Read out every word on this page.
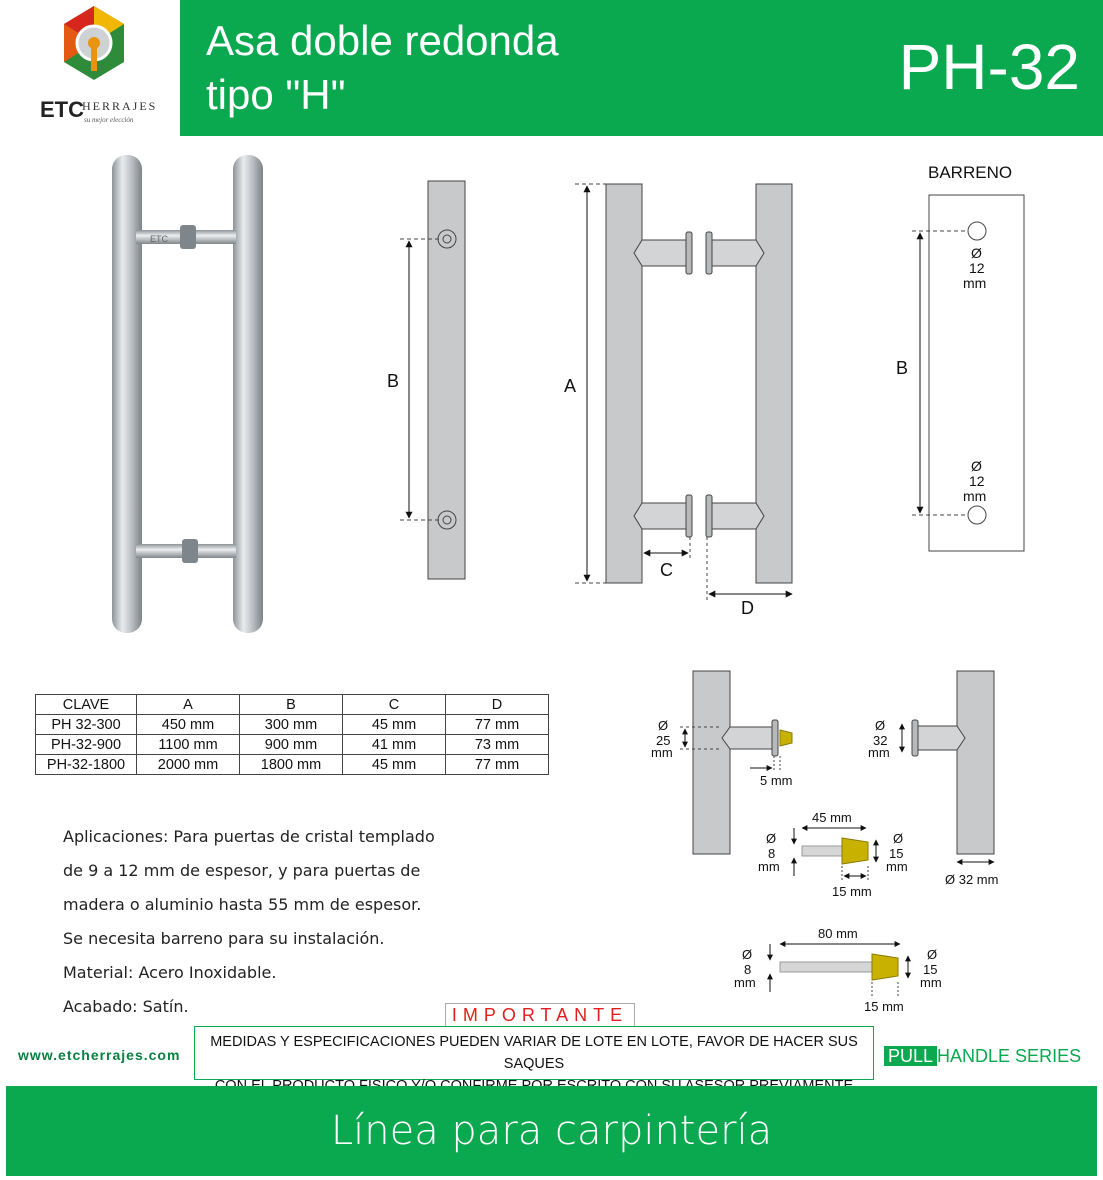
ETC
HERRAJES
su mejor elección
Asa doble redonda
tipo "H"	PH-32
ETC
B	A
C
D
BARRENO
B
Ø
12
mm
Ø
12
mm
Ø
25
mm
5 mm
Ø
32
mm
Ø 32 mm
45 mm
Ø
8
mm
Ø
15
mm
15 mm
80 mm
Ø
8
mm
Ø
15
mm
15 mm
CLAVE	A	B	C	D
PH 32-300	450 mm	300 mm	45 mm	77 mm
PH-32-900	1100 mm	900 mm	41 mm	73 mm
PH-32-1800	2000 mm	1800 mm	45 mm	77 mm
Aplicaciones: Para puertas de cristal templado
de 9 a 12 mm de espesor, y para puertas de
madera o aluminio hasta 55 mm de espesor.
Se necesita barreno para su instalación.
Material: Acero Inoxidable.
Acabado: Satín.	IMPORTANTE
MEDIDAS Y ESPECIFICACIONES PUEDEN VARIAR DE LOTE EN LOTE, FAVOR DE HACER SUS SAQUES
www.etcherrajes.com	PULL HANDLE SERIES
Línea para carpintería
